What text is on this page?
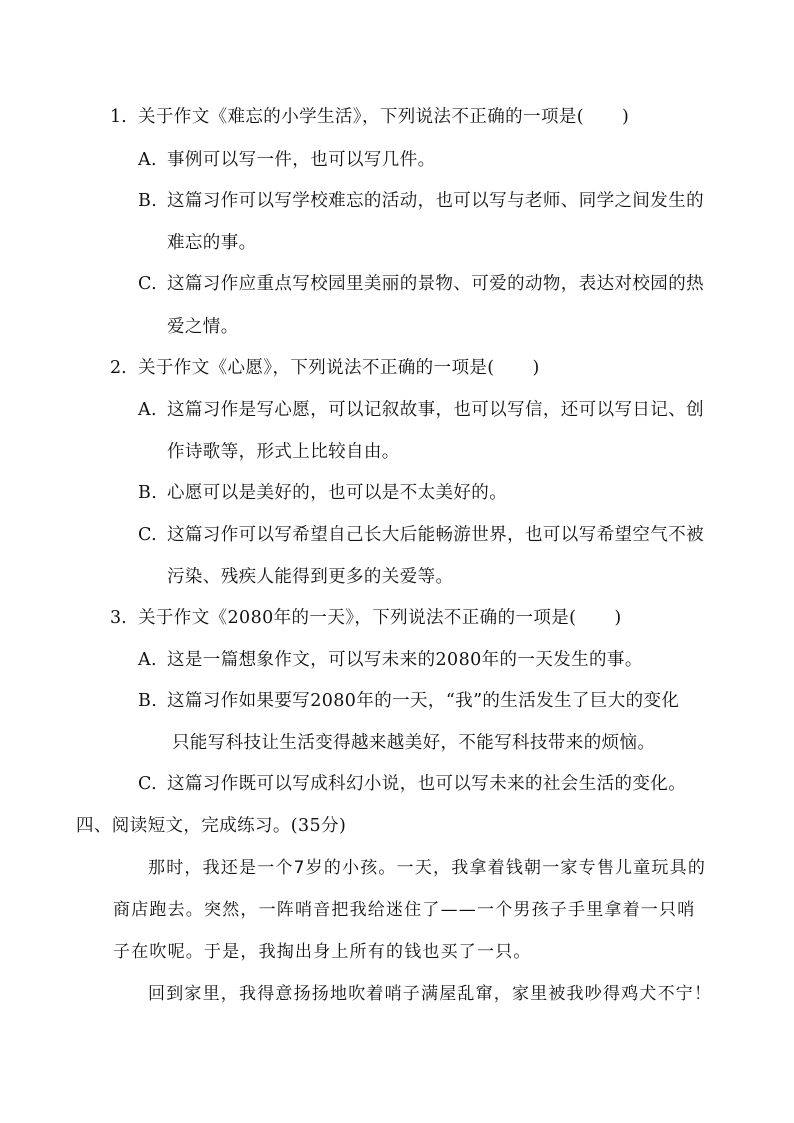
1. 关于作文《难忘的小学生活》，下列说法不正确的一项是( )
A. 事例可以写一件，也可以写几件。
B. 这篇习作可以写学校难忘的活动，也可以写与老师、同学之间发生的
难忘的事。
C. 这篇习作应重点写校园里美丽的景物、可爱的动物，表达对校园的热
爱之情。
2. 关于作文《心愿》，下列说法不正确的一项是( )
A. 这篇习作是写心愿，可以记叙故事，也可以写信，还可以写日记、创
作诗歌等，形式上比较自由。
B. 心愿可以是美好的，也可以是不太美好的。
C. 这篇习作可以写希望自己长大后能畅游世界，也可以写希望空气不被
污染、残疾人能得到更多的关爱等。
3. 关于作文《2080年的一天》，下列说法不正确的一项是( )
A. 这是一篇想象作文，可以写未来的2080年的一天发生的事。
B. 这篇习作如果要写2080年的一天，“我”的生活发生了巨大的变化
只能写科技让生活变得越来越美好，不能写科技带来的烦恼。
C. 这篇习作既可以写成科幻小说，也可以写未来的社会生活的变化。
四、阅读短文，完成练习。(35分)
那时，我还是一个7岁的小孩。一天，我拿着钱朝一家专售儿童玩具的
商店跑去。突然，一阵哨音把我给迷住了——一个男孩子手里拿着一只哨
子在吹呢。于是，我掏出身上所有的钱也买了一只。
回到家里，我得意扬扬地吹着哨子满屋乱窜，家里被我吵得鸡犬不宁！
